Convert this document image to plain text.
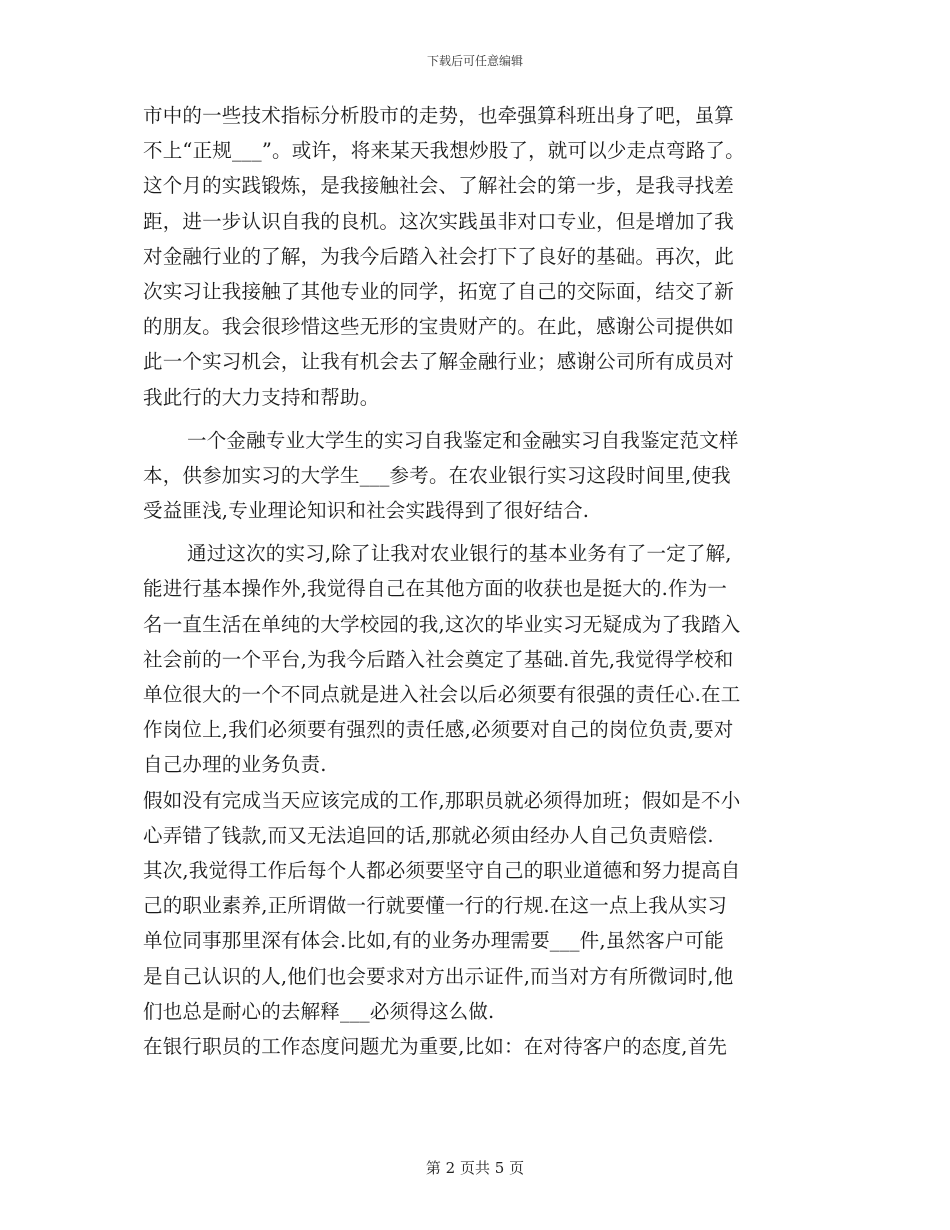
下载后可任意编辑
市中的一些技术指标分析股市的走势，也牵强算科班出身了吧，虽算
不上“正规___”。或许，将来某天我想炒股了，就可以少走点弯路了。
这个月的实践锻炼，是我接触社会、了解社会的第一步，是我寻找差
距，进一步认识自我的良机。这次实践虽非对口专业，但是增加了我
对金融行业的了解，为我今后踏入社会打下了良好的基础。再次，此
次实习让我接触了其他专业的同学，拓宽了自己的交际面，结交了新
的朋友。我会很珍惜这些无形的宝贵财产的。在此，感谢公司提供如
此一个实习机会，让我有机会去了解金融行业；感谢公司所有成员对
我此行的大力支持和帮助。
一个金融专业大学生的实习自我鉴定和金融实习自我鉴定范文样
本，供参加实习的大学生___参考。在农业银行实习这段时间里,使我
受益匪浅,专业理论知识和社会实践得到了很好结合.
通过这次的实习,除了让我对农业银行的基本业务有了一定了解,
能进行基本操作外,我觉得自己在其他方面的收获也是挺大的.作为一
名一直生活在单纯的大学校园的我,这次的毕业实习无疑成为了我踏入
社会前的一个平台,为我今后踏入社会奠定了基础.首先,我觉得学校和
单位很大的一个不同点就是进入社会以后必须要有很强的责任心.在工
作岗位上,我们必须要有强烈的责任感,必须要对自己的岗位负责,要对
自己办理的业务负责.
假如没有完成当天应该完成的工作,那职员就必须得加班；假如是不小
心弄错了钱款,而又无法追回的话,那就必须由经办人自己负责赔偿.
其次,我觉得工作后每个人都必须要坚守自己的职业道德和努力提高自
己的职业素养,正所谓做一行就要懂一行的行规.在这一点上我从实习
单位同事那里深有体会.比如,有的业务办理需要___件,虽然客户可能
是自己认识的人,他们也会要求对方出示证件,而当对方有所微词时,他
们也总是耐心的去解释___必须得这么做.
在银行职员的工作态度问题尤为重要,比如：在对待客户的态度,首先
第 2 页共 5 页
